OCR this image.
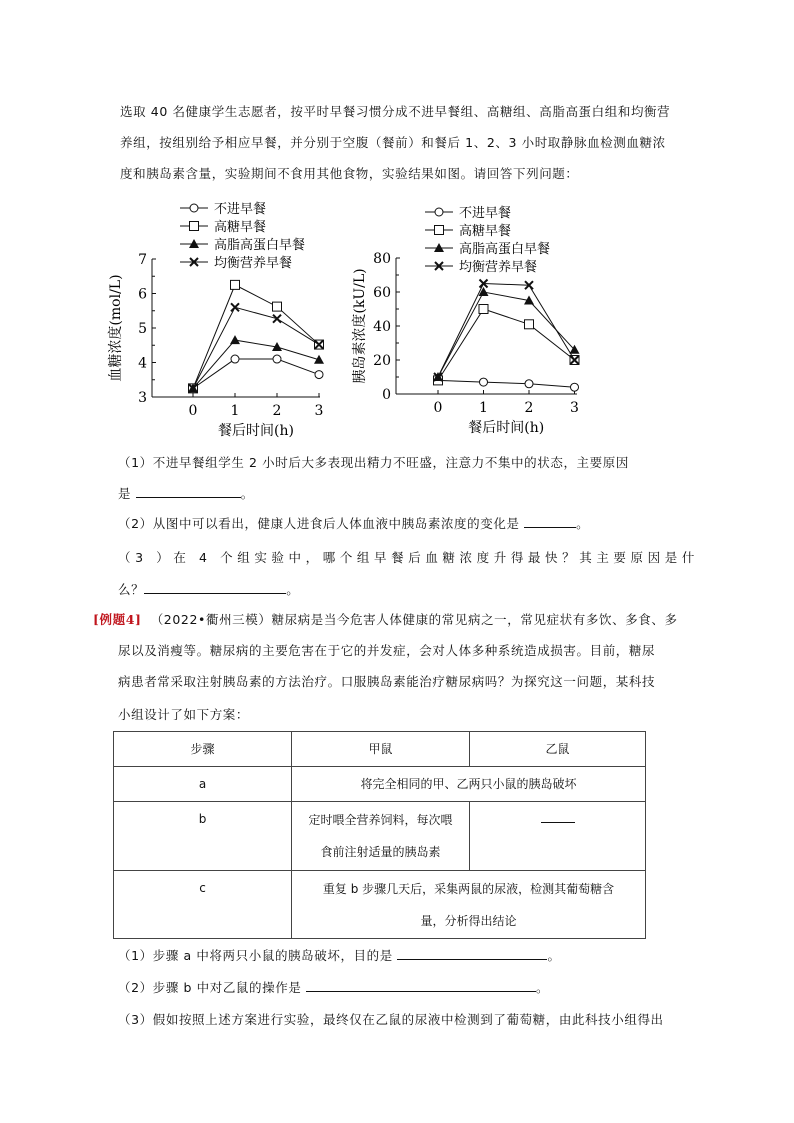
选取 40 名健康学生志愿者，按平时早餐习惯分成不进早餐组、高糖组、高脂高蛋白组和均衡营
养组，按组别给予相应早餐，并分别于空腹（餐前）和餐后 1、2、3 小时取静脉血检测血糖浓
度和胰岛素含量，实验期间不食用其他食物，实验结果如图。请回答下列问题：
3
4
5
6
7
0 1 2 3
餐后时间(h)
血糖浓度(mol/L)
不进早餐
高糖早餐
高脂高蛋白早餐
均衡营养早餐
0
20
40
60
80
0	1	2	3
餐后时间(h)
胰岛素浓度(kU/L)
不进早餐
高糖早餐
高脂高蛋白早餐
均衡营养早餐
（1）不进早餐组学生 2 小时后大多表现出精力不旺盛，注意力不集中的状态，主要原因
是	。
（2）从图中可以看出，健康人进食后人体血液中胰岛素浓度的变化是	。
（3 ）在 4 个组实验中，哪个组早餐后血糖浓度升得最快？其主要原因是什
么？	。
[例题4] （2022•衢州三模）糖尿病是当今危害人体健康的常见病之一，常见症状有多饮、多食、多
尿以及消瘦等。糖尿病的主要危害在于它的并发症，会对人体多种系统造成损害。目前，糖尿
病患者常采取注射胰岛素的方法治疗。口服胰岛素能治疗糖尿病吗？为探究这一问题，某科技
小组设计了如下方案：
步骤	甲鼠	乙鼠
a	将完全相同的甲、乙两只小鼠的胰岛破坏	
b	定时喂全营养饲料，每次喂
食前注射适量的胰岛素	
c	重复 b 步骤几天后，采集两鼠的尿液，检测其葡萄糖含
量，分析得出结论	
（1）步骤 a 中将两只小鼠的胰岛破坏，目的是	。
（2）步骤 b 中对乙鼠的操作是	。
（3）假如按照上述方案进行实验，最终仅在乙鼠的尿液中检测到了葡萄糖，由此科技小组得出
